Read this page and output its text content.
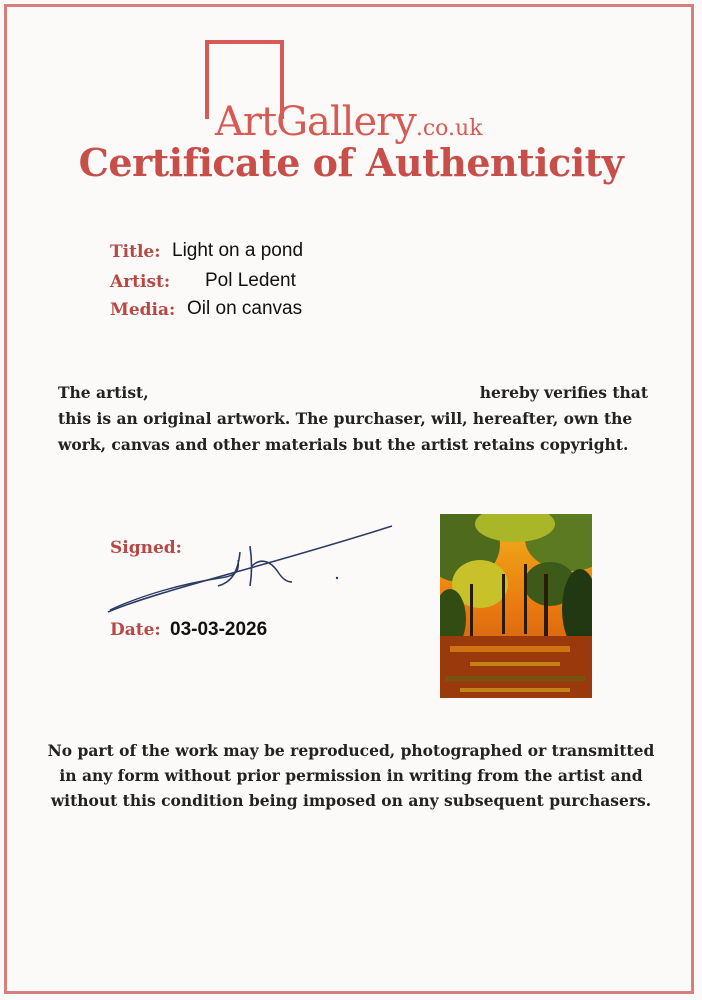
ArtGallery.co.uk
Certificate of Authenticity
Title: Light on a pond
Artist: Pol Ledent
Media: Oil on canvas

The artist,	hereby verifies that
this is an original artwork. The purchaser, will, hereafter, own the
work, canvas and other materials but the artist retains copyright.

Signed:
Date: 03-03-2026

No part of the work may be reproduced, photographed or transmitted
in any form without prior permission in writing from the artist and
without this condition being imposed on any subsequent purchasers.
